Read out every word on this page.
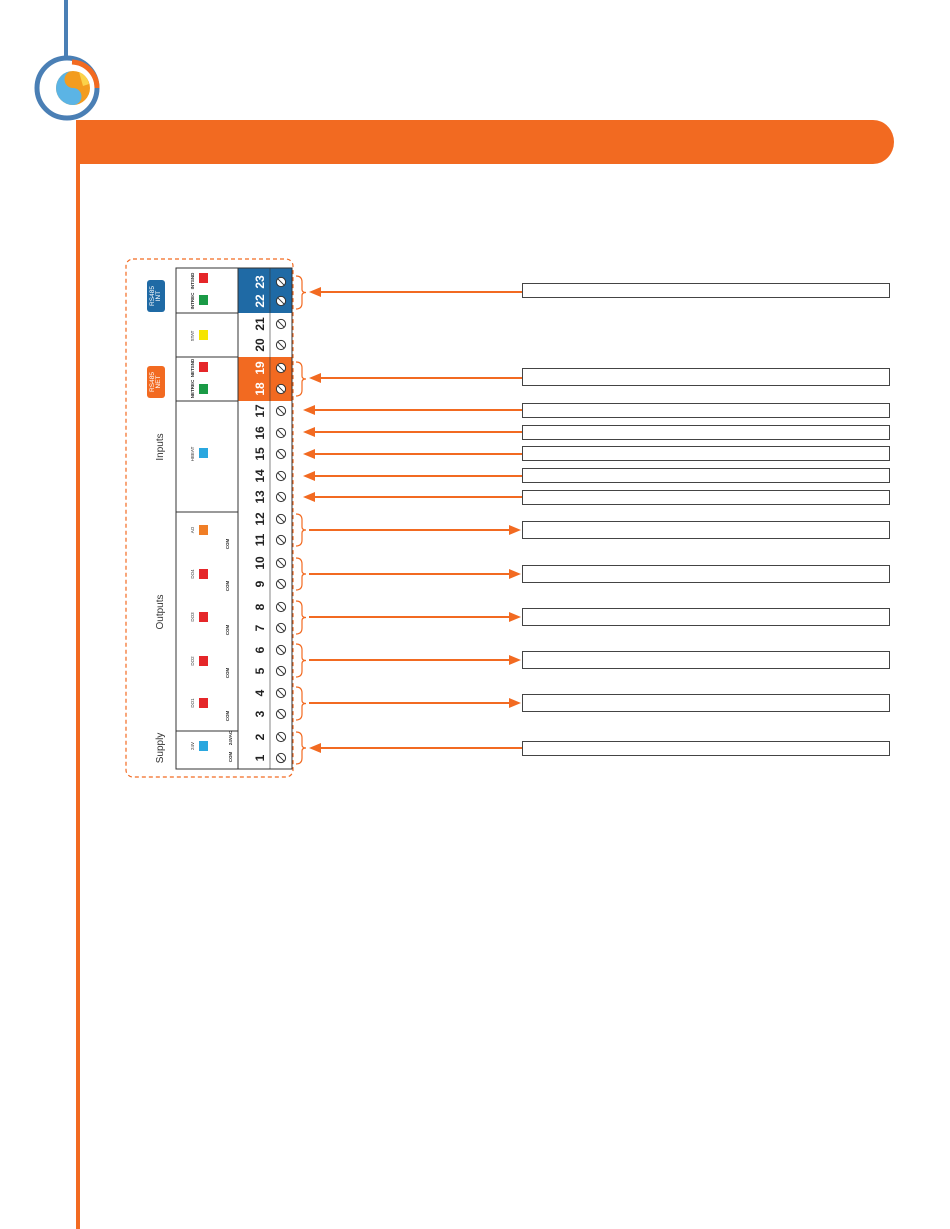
Supply
Outputs
Inputs
RS485 INT
RS485 NET
INTSND
INTREC
STAT
NETSND
NETREC
HBEAT
AO
DO4
DO3
DO2
DO1
24V
COM
COM
COM
COM
COM
COM
24VAC
23
22
21
20
19
18
17
16
15
14
13
12
11
10
9
8
7
6
5
4
3
2
1
